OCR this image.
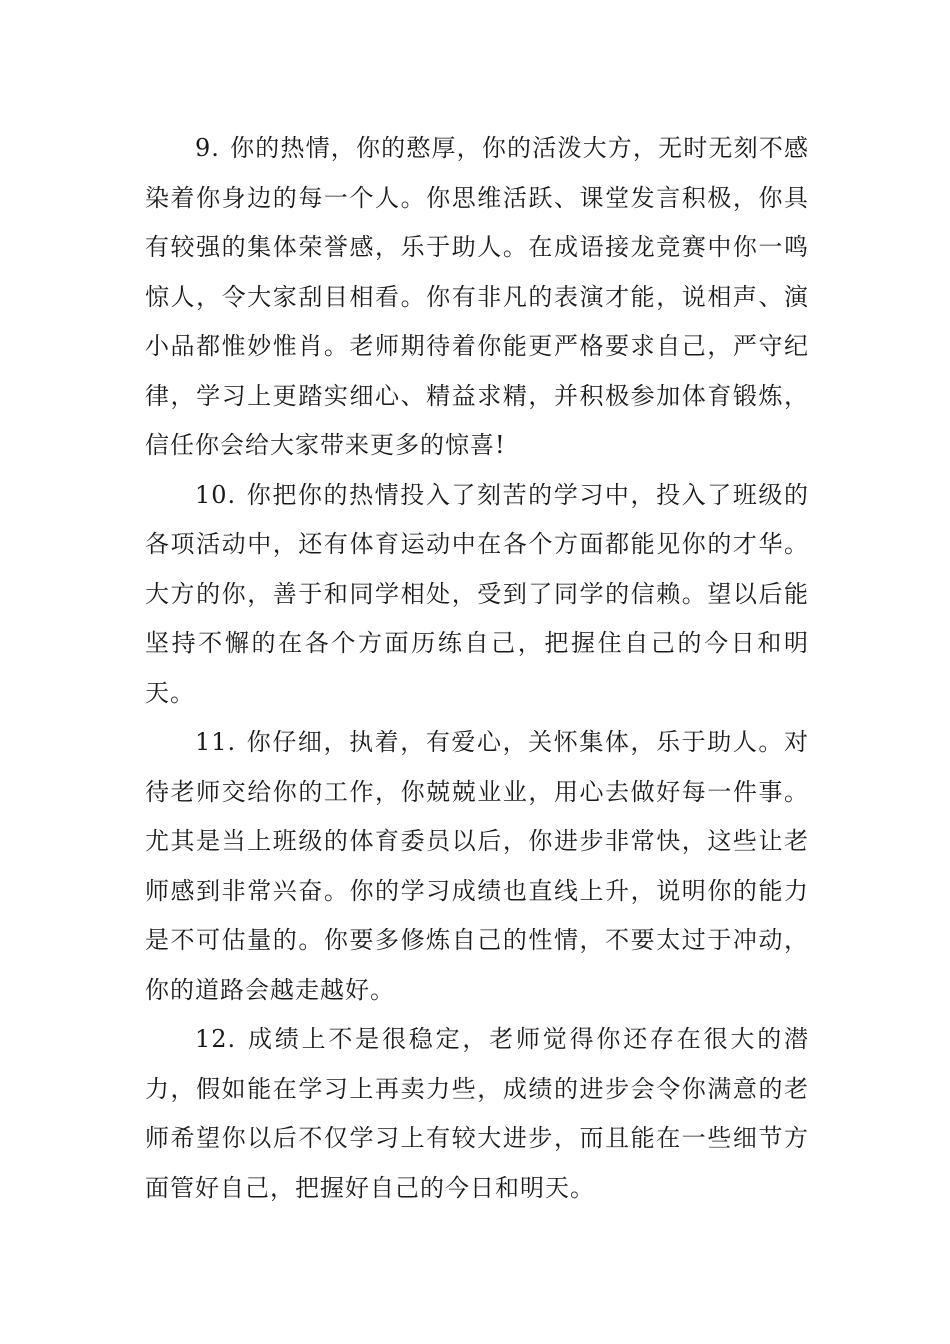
9. 你的热情，你的憨厚，你的活泼大方，无时无刻不感染着你身边的每一个人。你思维活跃、课堂发言积极，你具有较强的集体荣誉感，乐于助人。在成语接龙竞赛中你一鸣惊人，令大家刮目相看。你有非凡的表演才能，说相声、演小品都惟妙惟肖。老师期待着你能更严格要求自己，严守纪律，学习上更踏实细心、精益求精，并积极参加体育锻炼，信任你会给大家带来更多的惊喜!

10. 你把你的热情投入了刻苦的学习中，投入了班级的各项活动中，还有体育运动中在各个方面都能见你的才华。大方的你，善于和同学相处，受到了同学的信赖。望以后能坚持不懈的在各个方面历练自己，把握住自己的今日和明天。

11. 你仔细，执着，有爱心，关怀集体，乐于助人。对待老师交给你的工作，你兢兢业业，用心去做好每一件事。尤其是当上班级的体育委员以后，你进步非常快，这些让老师感到非常兴奋。你的学习成绩也直线上升，说明你的能力是不可估量的。你要多修炼自己的性情，不要太过于冲动，你的道路会越走越好。

12. 成绩上不是很稳定，老师觉得你还存在很大的潜力，假如能在学习上再卖力些，成绩的进步会令你满意的老师希望你以后不仅学习上有较大进步，而且能在一些细节方面管好自己，把握好自己的今日和明天。
